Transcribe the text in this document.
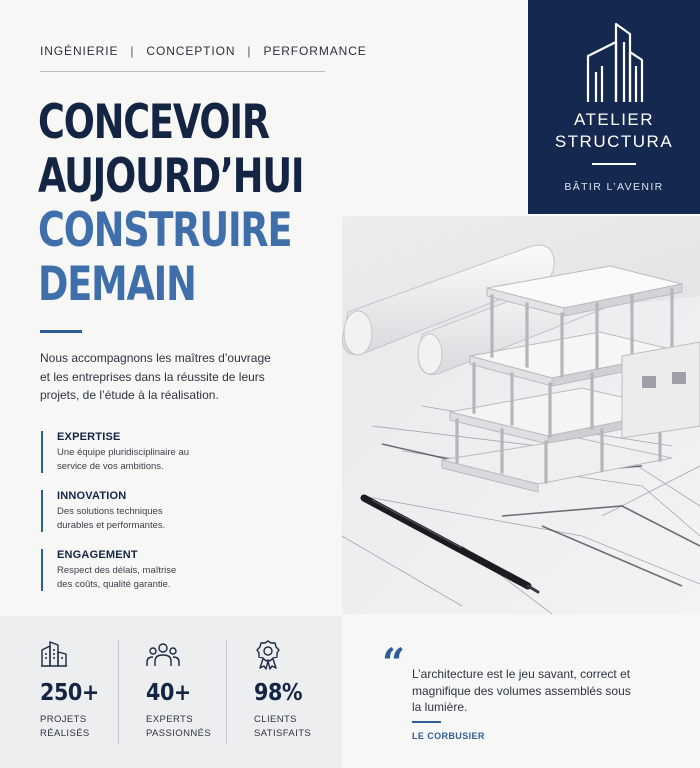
INGÉNIERIE | CONCEPTION | PERFORMANCE
CONCEVOIR
AUJOURD’HUI
CONSTRUIRE
DEMAIN

Nous accompagnons les maîtres d’ouvrage et les entreprises dans la réussite de leurs projets, de l’étude à la réalisation.

EXPERTISE
Une équipe pluridisciplinaire au service de vos ambitions.
INNOVATION
Des solutions techniques durables et performantes.
ENGAGEMENT
Respect des délais, maîtrise des coûts, qualité garantie.
ATELIER
STRUCTURA
BÂTIR L’AVENIR
250+
PROJETS
RÉALISÉS
40+
EXPERTS
PASSIONNÉS
98%
CLIENTS
SATISFAITS
“ L’architecture est le jeu savant, correct et magnifique des volumes assemblés sous la lumière.

LE CORBUSIER
